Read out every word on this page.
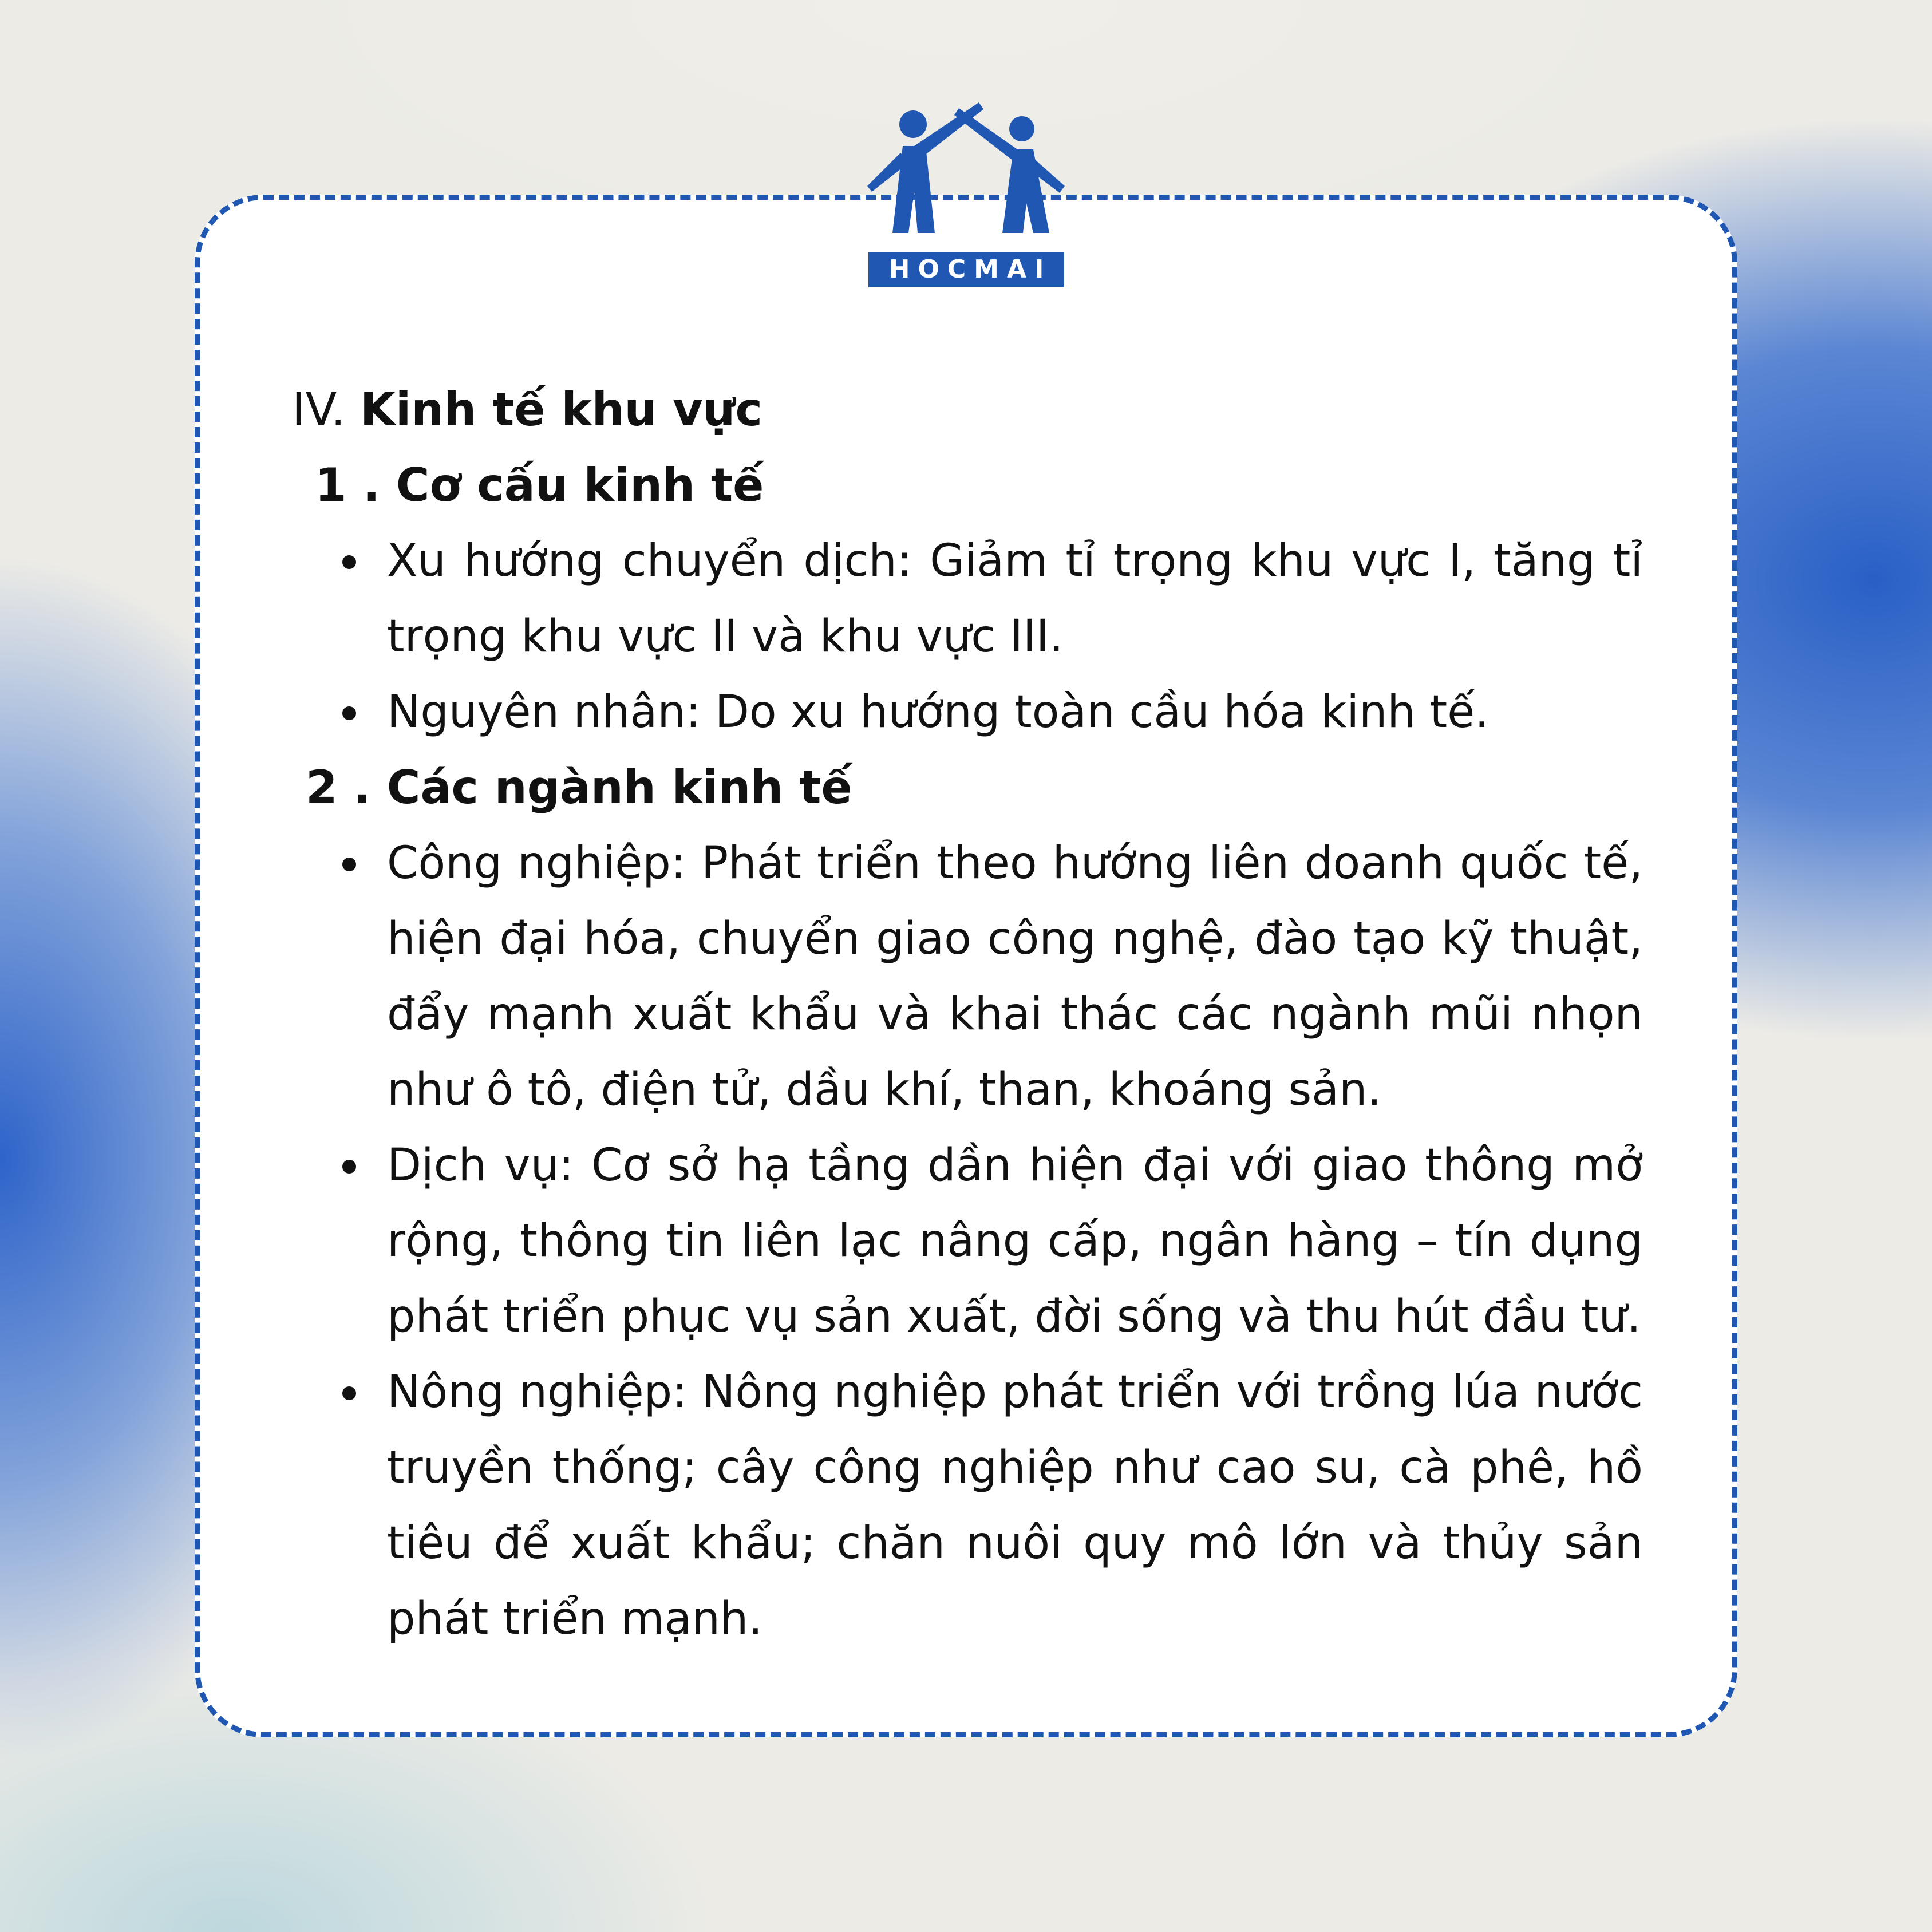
HOCMAI

IV. Kinh tế khu vực

1 . Cơ cấu kinh tế

Xu hướng chuyển dịch: Giảm tỉ trọng khu vực I, tăng tỉ trọng khu vực II và khu vực III.
Nguyên nhân: Do xu hướng toàn cầu hóa kinh tế.

2 . Các ngành kinh tế

Công nghiệp: Phát triển theo hướng liên doanh quốc tế, hiện đại hóa, chuyển giao công nghệ, đào tạo kỹ thuật, đẩy mạnh xuất khẩu và khai thác các ngành mũi nhọn như ô tô, điện tử, dầu khí, than, khoáng sản.
Dịch vụ: Cơ sở hạ tầng dần hiện đại với giao thông mở rộng, thông tin liên lạc nâng cấp, ngân hàng – tín dụng phát triển phục vụ sản xuất, đời sống và thu hút đầu tư.
Nông nghiệp: Nông nghiệp phát triển với trồng lúa nước truyền thống; cây công nghiệp như cao su, cà phê, hồ tiêu để xuất khẩu; chăn nuôi quy mô lớn và thủy sản phát triển mạnh.
